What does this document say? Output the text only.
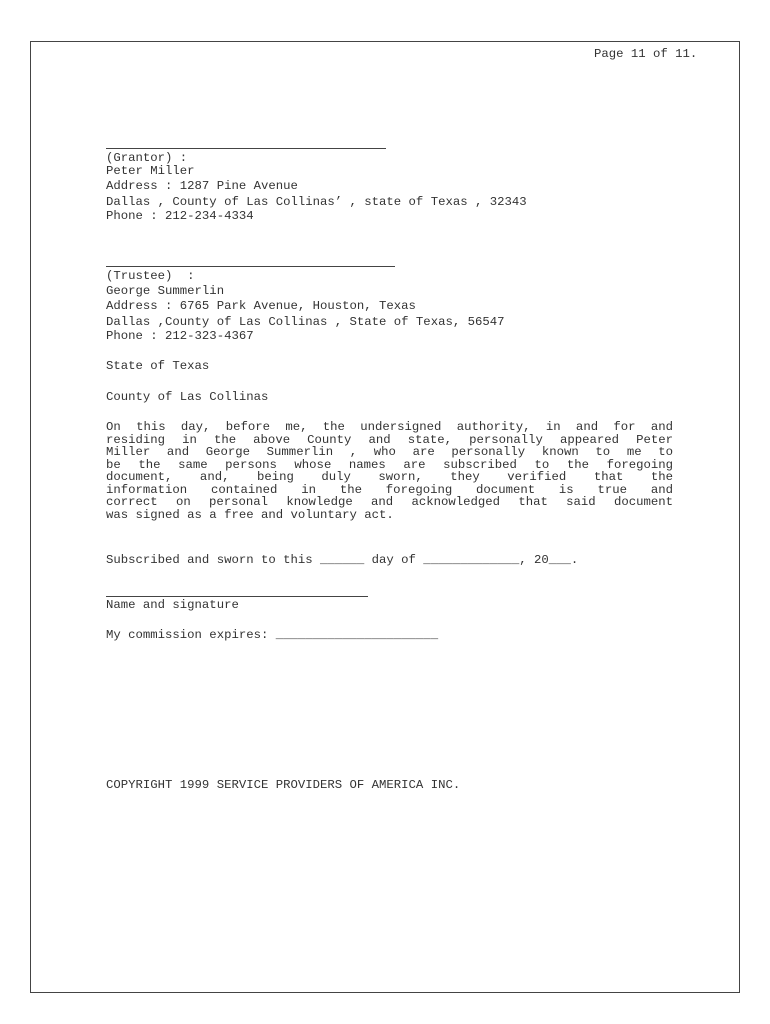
Page 11 of 11.
(Grantor) :
Peter Miller
Address : 1287 Pine Avenue
Dallas , County of Las Collinas’ , state of Texas , 32343
Phone : 212-234-4334
(Trustee)  :
George Summerlin
Address : 6765 Park Avenue, Houston, Texas
Dallas ,County of Las Collinas , State of Texas, 56547
Phone : 212-323-4367
State of Texas
County of Las Collinas
On this day, before me, the undersigned authority, in and for and
residing in the above County and state, personally appeared Peter
Miller and George Summerlin , who are personally known to me to
be the same persons whose names are subscribed to the foregoing
document, and, being duly sworn, they verified that the
information contained in the foregoing document is true and
correct on personal knowledge and acknowledged that said document
was signed as a free and voluntary act.
Subscribed and sworn to this ______ day of _____________, 20___.
Name and signature
My commission expires: ______________________
COPYRIGHT 1999 SERVICE PROVIDERS OF AMERICA INC.
